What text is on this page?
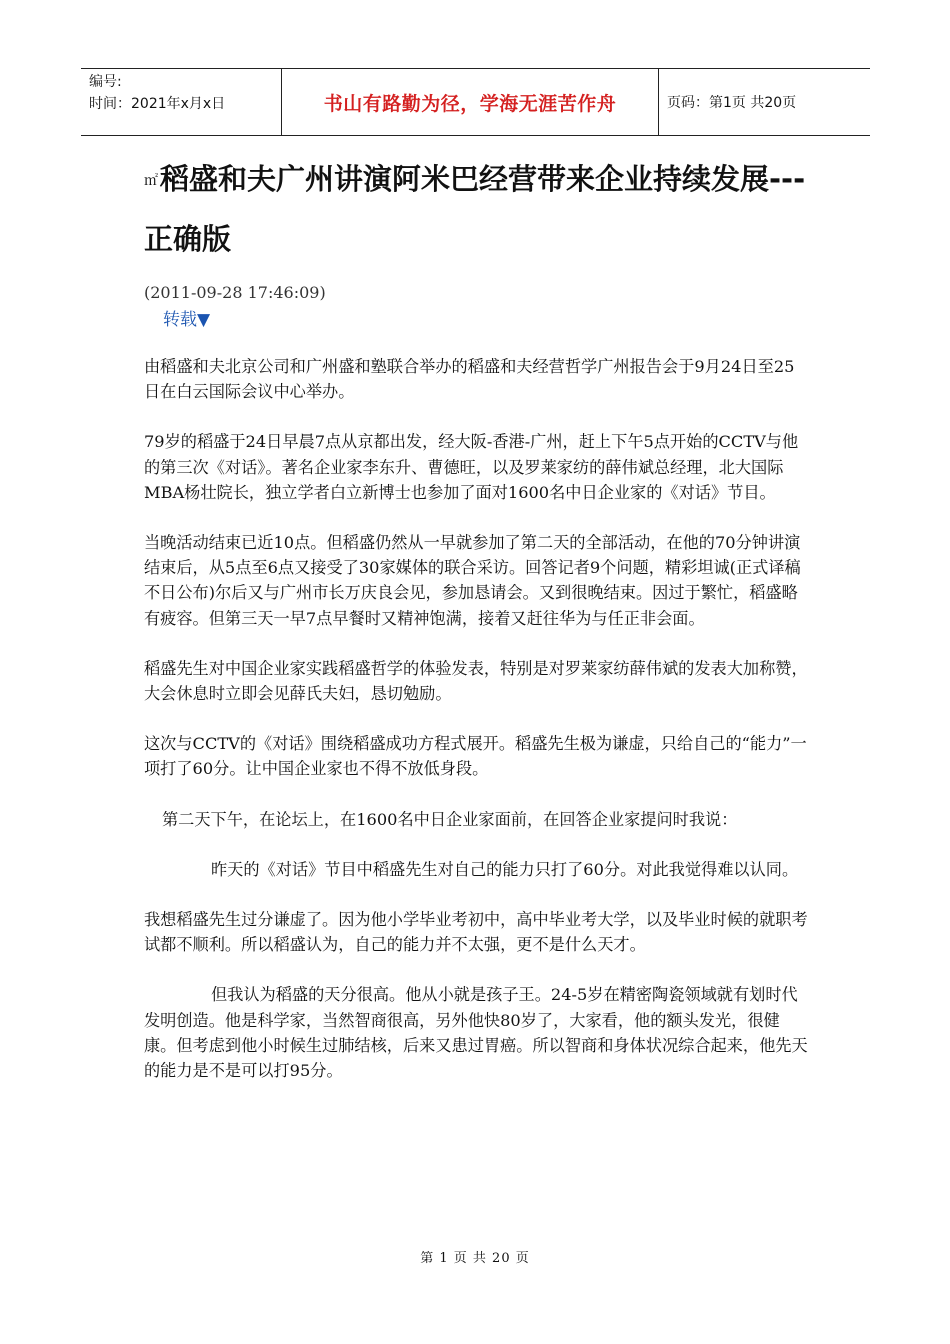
编号:
时间：2021年x月x日	书山有路勤为径，学海无涯苦作舟	页码：第1页 共20页
㎡稻盛和夫广州讲演阿米巴经营带来企业持续发展---正确版
(2011-09-28 17:46:09)
转载▼

由稻盛和夫北京公司和广州盛和塾联合举办的稻盛和夫经营哲学广州报告会于9月24日至25日在白云国际会议中心举办。

79岁的稻盛于24日早晨7点从京都出发，经大阪-香港-广州，赶上下午5点开始的CCTV与他的第三次《对话》。著名企业家李东升、曹德旺，以及罗莱家纺的薛伟斌总经理，北大国际MBA杨壮院长，独立学者白立新博士也参加了面对1600名中日企业家的《对话》节目。

当晚活动结束已近10点。但稻盛仍然从一早就参加了第二天的全部活动，在他的70分钟讲演结束后，从5点至6点又接受了30家媒体的联合采访。回答记者9个问题，精彩坦诚(正式译稿不日公布)尔后又与广州市长万庆良会见，参加恳请会。又到很晚结束。因过于繁忙，稻盛略有疲容。但第三天一早7点早餐时又精神饱满，接着又赶往华为与任正非会面。

稻盛先生对中国企业家实践稻盛哲学的体验发表，特别是对罗莱家纺薛伟斌的发表大加称赞，大会休息时立即会见薛氏夫妇，恳切勉励。

这次与CCTV的《对话》围绕稻盛成功方程式展开。稻盛先生极为谦虚，只给自己的“能力”一项打了60分。让中国企业家也不得不放低身段。

第二天下午，在论坛上，在1600名中日企业家面前，在回答企业家提问时我说：

昨天的《对话》节目中稻盛先生对自己的能力只打了60分。对此我觉得难以认同。

我想稻盛先生过分谦虚了。因为他小学毕业考初中，高中毕业考大学，以及毕业时候的就职考试都不顺利。所以稻盛认为，自己的能力并不太强，更不是什么天才。

但我认为稻盛的天分很高。他从小就是孩子王。24-5岁在精密陶瓷领域就有划时代发明创造。他是科学家，当然智商很高，另外他快80岁了，大家看，他的额头发光，很健康。但考虑到他小时候生过肺结核，后来又患过胃癌。所以智商和身体状况综合起来，他先天的能力是不是可以打95分。

第 1 页 共 20 页
